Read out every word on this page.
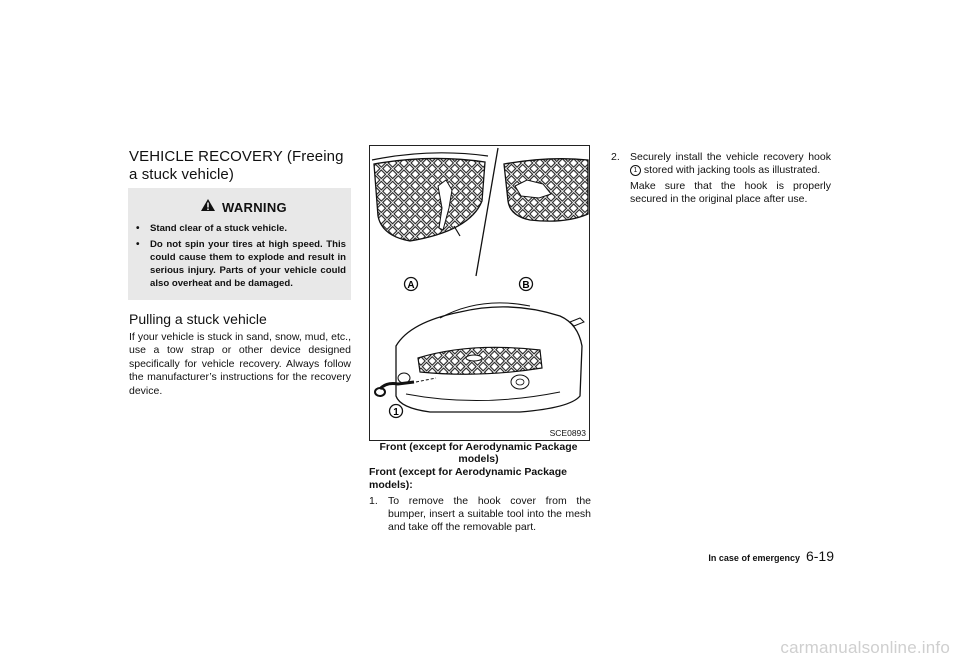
VEHICLE RECOVERY (Freeing a stuck vehicle)
WARNING
• Stand clear of a stuck vehicle.
• Do not spin your tires at high speed. This could cause them to explode and result in serious injury. Parts of your vehicle could also overheat and be damaged.
Pulling a stuck vehicle
If your vehicle is stuck in sand, snow, mud, etc., use a tow strap or other device designed specifically for vehicle recovery. Always follow the manufacturer’s instructions for the recovery device.
A	B
1
SCE0893
Front (except for Aerodynamic Package models)
Front (except for Aerodynamic Package models):
1. To remove the hook cover from the bumper, insert a suitable tool into the mesh and take off the removable part.
2. Securely install the vehicle recovery hook 1 stored with jacking tools as illustrated.

Make sure that the hook is properly secured in the original place after use.

In case of emergency 6-19
carmanualsonline.info
